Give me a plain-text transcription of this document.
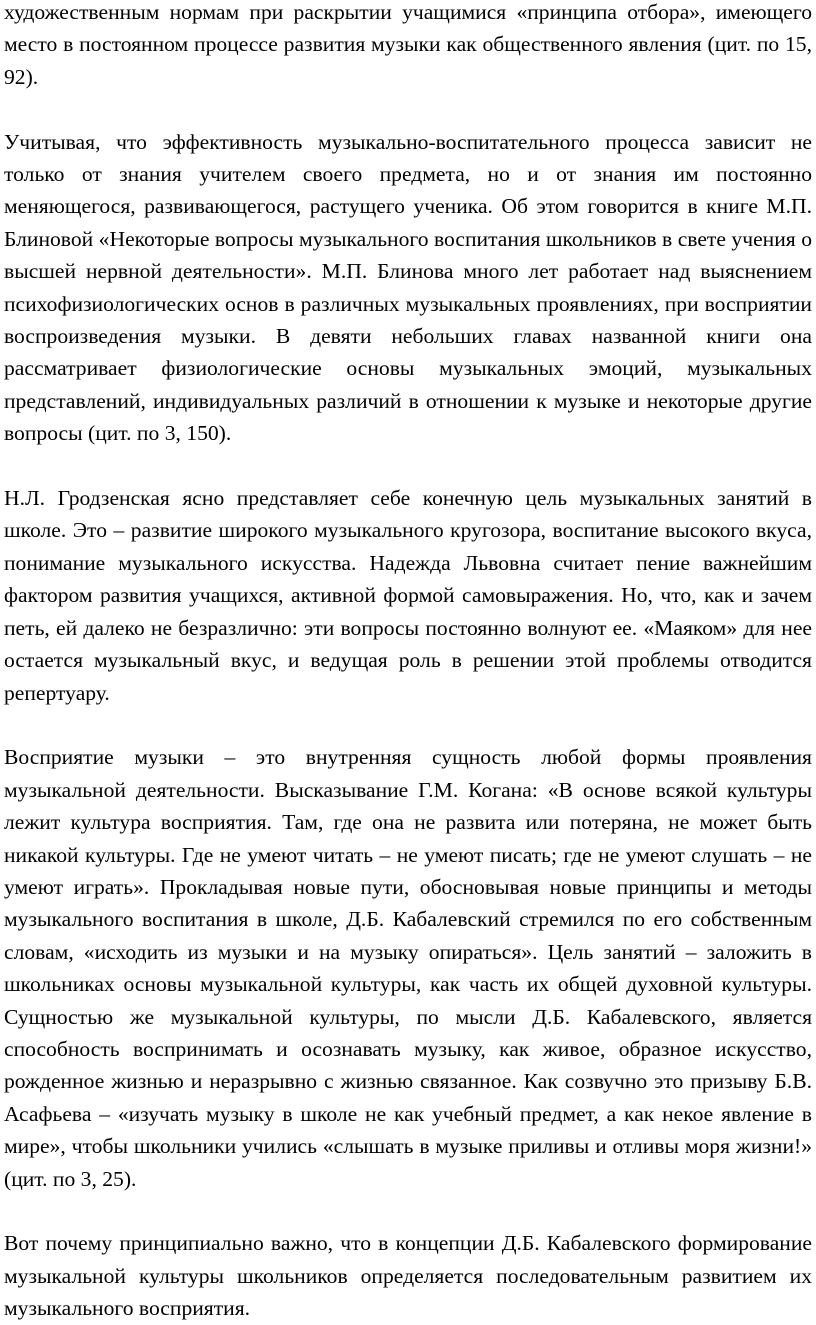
художественным нормам при раскрытии учащимися «принципа отбора», имеющего место в постоянном процессе развития музыки как общественного явления (цит. по 15, 92).

Учитывая, что эффективность музыкально-воспитательного процесса зависит не только от знания учителем своего предмета, но и от знания им постоянно меняющегося, развивающегося, растущего ученика. Об этом говорится в книге М.П. Блиновой «Некоторые вопросы музыкального воспитания школьников в свете учения о высшей нервной деятельности». М.П. Блинова много лет работает над выяснением психофизиологических основ в различных музыкальных проявлениях, при восприятии воспроизведения музыки. В девяти небольших главах названной книги она рассматривает физиологические основы музыкальных эмоций, музыкальных представлений, индивидуальных различий в отношении к музыке и некоторые другие вопросы (цит. по 3, 150).

Н.Л. Гродзенская ясно представляет себе конечную цель музыкальных занятий в школе. Это – развитие широкого музыкального кругозора, воспитание высокого вкуса, понимание музыкального искусства. Надежда Львовна считает пение важнейшим фактором развития учащихся, активной формой самовыражения. Но, что, как и зачем петь, ей далеко не безразлично: эти вопросы постоянно волнуют ее. «Маяком» для нее остается музыкальный вкус, и ведущая роль в решении этой проблемы отводится репертуару.

Восприятие музыки – это внутренняя сущность любой формы проявления музыкальной деятельности. Высказывание Г.М. Когана: «В основе всякой культуры лежит культура восприятия. Там, где она не развита или потеряна, не может быть никакой культуры. Где не умеют читать – не умеют писать; где не умеют слушать – не умеют играть». Прокладывая новые пути, обосновывая новые принципы и методы музыкального воспитания в школе, Д.Б. Кабалевский стремился по его собственным словам, «исходить из музыки и на музыку опираться». Цель занятий – заложить в школьниках основы музыкальной культуры, как часть их общей духовной культуры. Сущностью же музыкальной культуры, по мысли Д.Б. Кабалевского, является способность воспринимать и осознавать музыку, как живое, образное искусство, рожденное жизнью и неразрывно с жизнью связанное. Как созвучно это призыву Б.В. Асафьева – «изучать музыку в школе не как учебный предмет, а как некое явление в мире», чтобы школьники учились «слышать в музыке приливы и отливы моря жизни!» (цит. по 3, 25).

Вот почему принципиально важно, что в концепции Д.Б. Кабалевского формирование музыкальной культуры школьников определяется последовательным развитием их музыкального восприятия.
